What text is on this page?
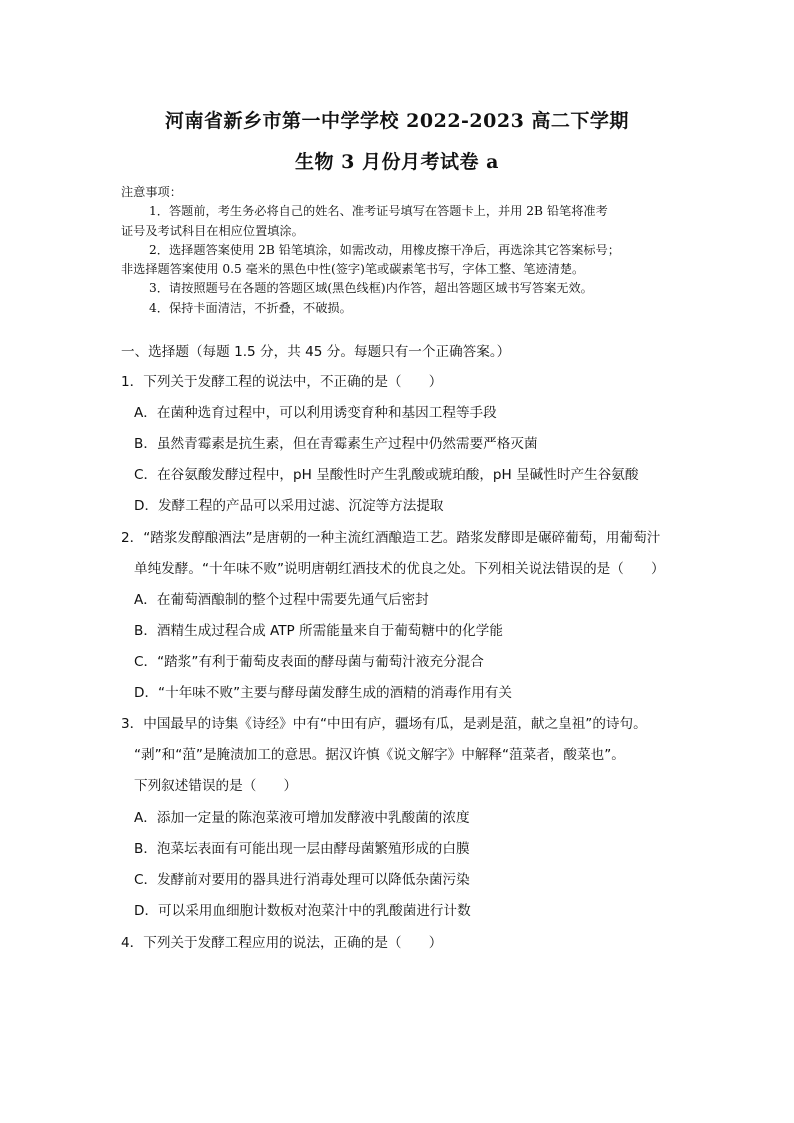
河南省新乡市第一中学学校 2022-2023 高二下学期
生物 3 月份月考试卷 a
注意事项：
1．答题前，考生务必将自己的姓名、准考证号填写在答题卡上，并用 2B 铅笔将准考
证号及考试科目在相应位置填涂。
2．选择题答案使用 2B 铅笔填涂，如需改动，用橡皮擦干净后，再选涂其它答案标号；
非选择题答案使用 0.5 毫米的黑色中性(签字)笔或碳素笔书写，字体工整、笔迹清楚。
3．请按照题号在各题的答题区域(黑色线框)内作答，超出答题区域书写答案无效。
4．保持卡面清洁，不折叠，不破损。
一、选择题（每题 1.5 分，共 45 分。每题只有一个正确答案。）
1．下列关于发酵工程的说法中，不正确的是（　　）
A．在菌种选育过程中，可以利用诱变育种和基因工程等手段
B．虽然青霉素是抗生素，但在青霉素生产过程中仍然需要严格灭菌
C．在谷氨酸发酵过程中，pH 呈酸性时产生乳酸或琥珀酸，pH 呈碱性时产生谷氨酸
D．发酵工程的产品可以采用过滤、沉淀等方法提取
2．“踏浆发醇酿酒法”是唐朝的一种主流红酒酿造工艺。踏浆发酵即是碾碎葡萄，用葡萄汁
单纯发酵。“十年味不败”说明唐朝红酒技术的优良之处。下列相关说法错误的是（　　）
A．在葡萄酒酿制的整个过程中需要先通气后密封
B．酒精生成过程合成 ATP 所需能量来自于葡萄糖中的化学能
C．“踏浆”有利于葡萄皮表面的酵母菌与葡萄汁液充分混合
D．“十年味不败”主要与酵母菌发酵生成的酒精的消毒作用有关
3．中国最早的诗集《诗经》中有“中田有庐，疆场有瓜，是剥是菹，献之皇祖”的诗句。
“剥”和“菹”是腌渍加工的意思。据汉许慎《说文解字》中解释“菹菜者，酸菜也”。
下列叙述错误的是（　　）
A．添加一定量的陈泡菜液可增加发酵液中乳酸菌的浓度
B．泡菜坛表面有可能出现一层由酵母菌繁殖形成的白膜
C．发酵前对要用的器具进行消毒处理可以降低杂菌污染
D．可以采用血细胞计数板对泡菜汁中的乳酸菌进行计数
4．下列关于发酵工程应用的说法，正确的是（　　）
